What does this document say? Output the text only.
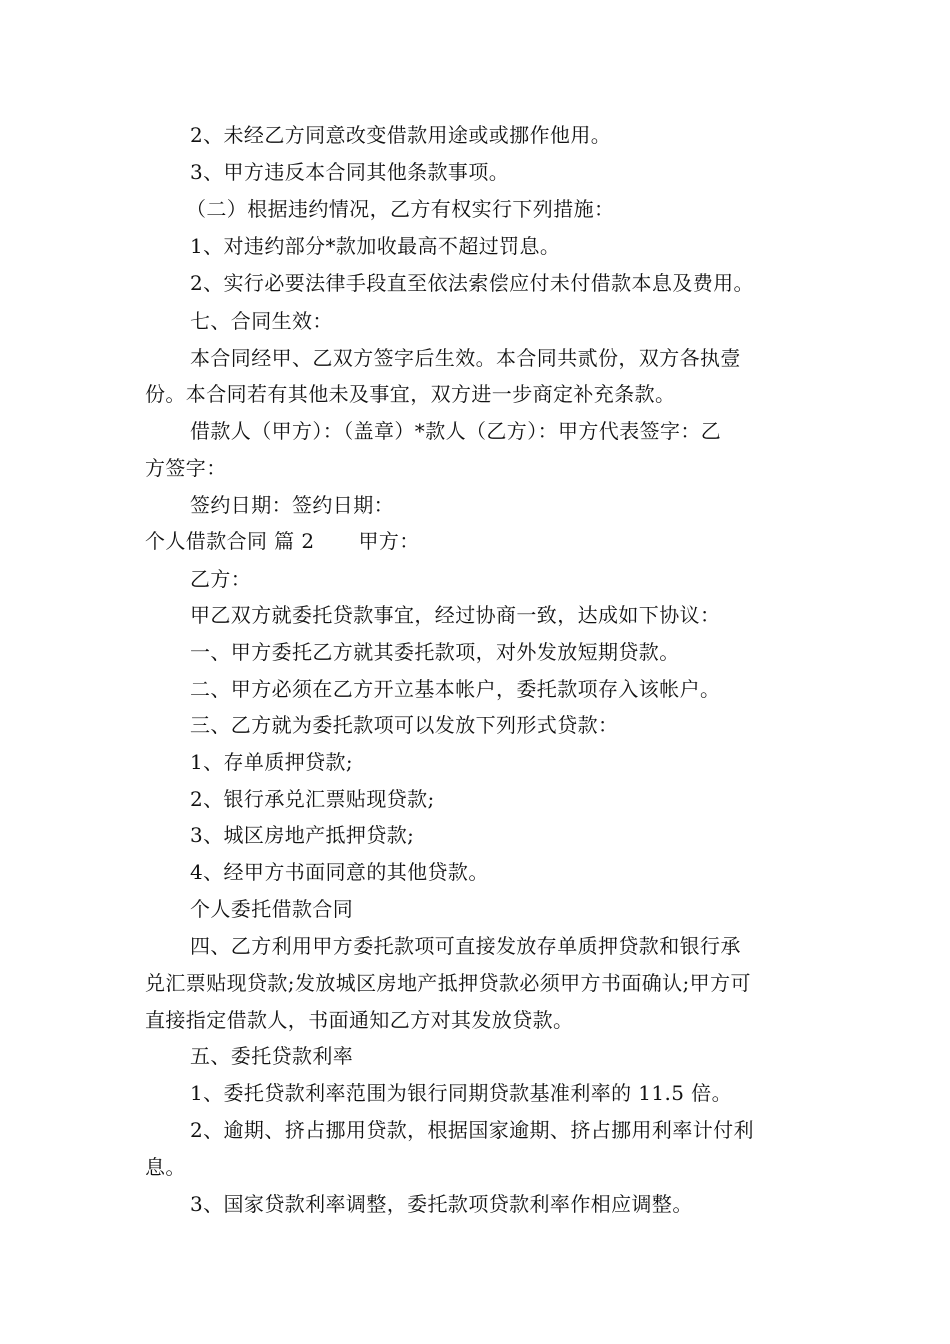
2、未经乙方同意改变借款用途或或挪作他用。
3、甲方违反本合同其他条款事项。
（二）根据违约情况，乙方有权实行下列措施：
1、对违约部分*款加收最高不超过罚息。
2、实行必要法律手段直至依法索偿应付未付借款本息及费用。
七、合同生效：
本合同经甲、乙双方签字后生效。本合同共贰份，双方各执壹
份。本合同若有其他未及事宜，双方进一步商定补充条款。
借款人（甲方）：（盖章）*款人（乙方）：甲方代表签字：乙
方签字：
签约日期：签约日期：
个人借款合同 篇 2 甲方：
乙方：
甲乙双方就委托贷款事宜，经过协商一致，达成如下协议：
一、甲方委托乙方就其委托款项，对外发放短期贷款。
二、甲方必须在乙方开立基本帐户，委托款项存入该帐户。
三、乙方就为委托款项可以发放下列形式贷款：
1、存单质押贷款;
2、银行承兑汇票贴现贷款;
3、城区房地产抵押贷款;
4、经甲方书面同意的其他贷款。
个人委托借款合同
四、乙方利用甲方委托款项可直接发放存单质押贷款和银行承
兑汇票贴现贷款;发放城区房地产抵押贷款必须甲方书面确认;甲方可
直接指定借款人，书面通知乙方对其发放贷款。
五、委托贷款利率
1、委托贷款利率范围为银行同期贷款基准利率的 11.5 倍。
2、逾期、挤占挪用贷款，根据国家逾期、挤占挪用利率计付利
息。
3、国家贷款利率调整，委托款项贷款利率作相应调整。
